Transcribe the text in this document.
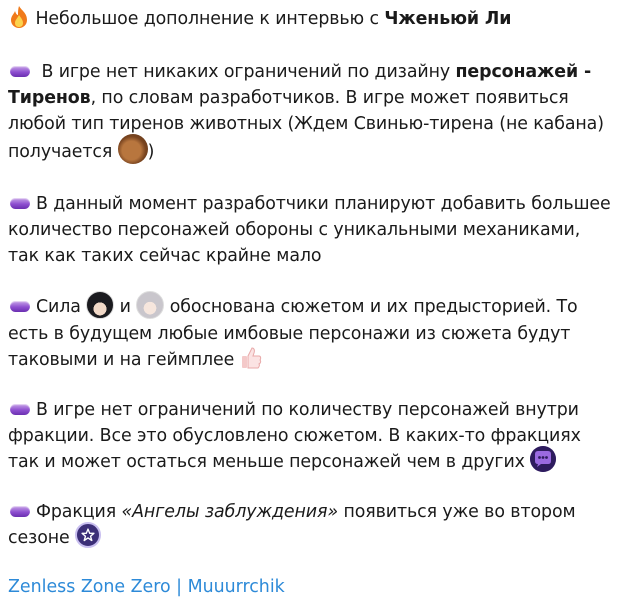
Небольшое дополнение к интервью с Чженьюй Ли

В игре нет никаких ограничений по дизайну персонажей - Тиренов, по словам разработчиков. В игре может появиться любой тип тиренов животных (Ждем Свинью-тирена (не кабана) получается )

В данный момент разработчики планируют добавить большее количество персонажей обороны с уникальными механиками, так как таких сейчас крайне мало

Сила  и  обоснована сюжетом и их предысторией. То есть в будущем любые имбовые персонажи из сюжета будут таковыми и на геймплее

В игре нет ограничений по количеству персонажей внутри фракции. Все это обусловлено сюжетом. В каких-то фракциях так и может остаться меньше персонажей чем в других

Фракция «Ангелы заблуждения» появиться уже во втором сезоне

Zenless Zone Zero | Muuurrchik
